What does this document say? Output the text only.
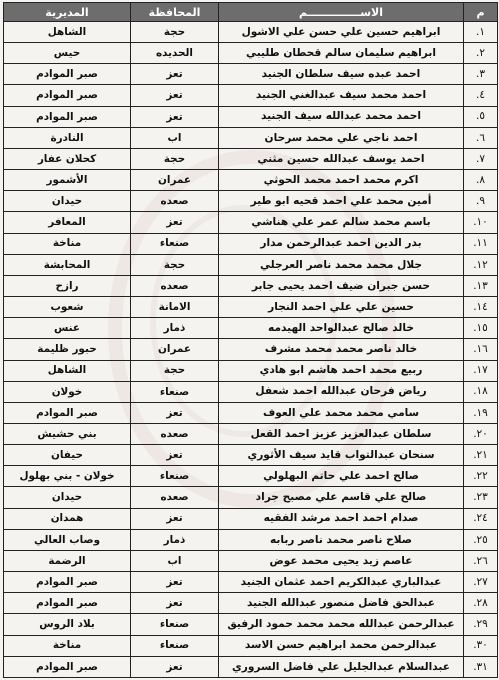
م	الاســــــــــــــم	المحافظة	المديرية
١.	ابراهيم حسين علي حسن علي الاشول	حجة	الشاهل
٢.	ابراهيم سليمان سالم قحطان طليبي	الحديده	حيس
٣.	احمد عبده سيف سلطان الجنيد	تعز	صبر الموادم
٤.	احمد محمد سيف عبدالغني الجنيد	تعز	صبر الموادم
٥.	احمد محمد عبدالله سيف الجنيد	تعز	صبر الموادم
٦.	احمد ناجي علي محمد سرحان	اب	النادرة
٧.	احمد يوسف عبدالله حسين مثني	حجة	كحلان عفار
٨.	اكرم محمد احمد محمد الحوثي	عمران	الأشمور
٩.	أمين محمد علي احمد قحيه ابو طير	صعده	حيدان
١٠.	باسم محمد سالم عمر علي هناشي	تعز	المعافر
١١.	بدر الدين احمد عبدالرحمن مدار	صنعاء	مناخة
١٢.	جلال محمد محمد ناصر العرجلي	حجة	المحابشة
١٣.	حسن جبران ضيف احمد يحيى جابر	صعده	رازح
١٤.	حسين علي علي احمد النجار	الامانة	شعوب
١٥.	خالد صالح عبدالواحد الهيدمه	ذمار	عنس
١٦.	خالد ناصر محمد محمد مشرف	عمران	حبور ظليمة
١٧.	ربيع محمد احمد هاشم ابو هادي	حجة	الشاهل
١٨.	رياض فرحان عبدالله احمد شعفل	صنعاء	خولان
١٩.	سامي محمد محمد علي العوف	تعز	صبر الموادم
٢٠.	سلطان عبدالعزيز عزيز احمد القعل	صعده	بني حشيش
٢١.	سنحان عبدالتواب قايد سيف الأثوري	تعز	حيفان
٢٢.	صالح احمد علي حاتم البهلولي	صنعاء	خولان - بني بهلول
٢٣.	صالح علي قاسم علي مصبح جراد	صعده	حيدان
٢٤.	صدام احمد احمد مرشد الفقيه	تعز	همدان
٢٥.	صلاح ناصر محمد ناصر ربابه	ذمار	وصاب العالي
٢٦.	عاصم زيد يحيى محمد عوض	اب	الرضمة
٢٧.	عبدالباري عبدالكريم احمد عثمان الجنيد	تعز	صبر الموادم
٢٨.	عبدالحق فاضل منصور عبدالله الجنيد	تعز	صبر الموادم
٢٩.	عبدالرحمن عبدالله محمد محمد حمود الرفيق	صنعاء	بلاد الروس
٣٠.	عبدالرحمن محمد ابراهيم حسن الاسد	صنعاء	مناخة
٣١.	عبدالسلام عبدالجليل علي فاضل السروري	تعز	صبر الموادم
